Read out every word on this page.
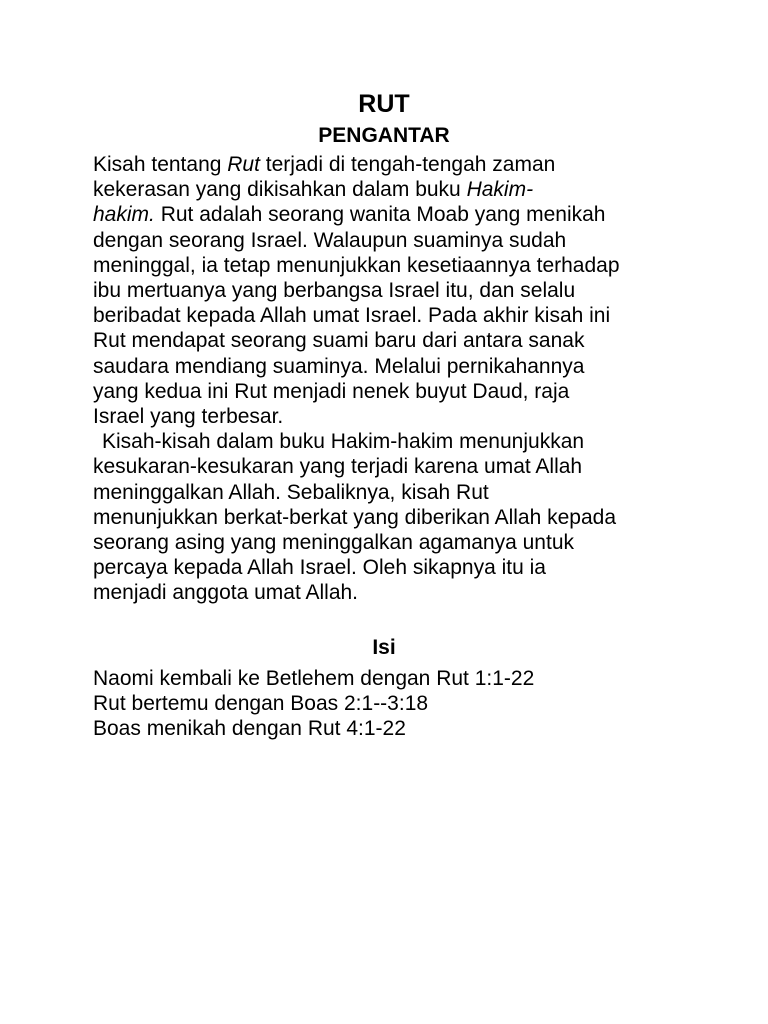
RUT
PENGANTAR
Kisah tentang Rut terjadi di tengah-tengah zaman
kekerasan yang dikisahkan dalam buku Hakim-
hakim. Rut adalah seorang wanita Moab yang menikah
dengan seorang Israel. Walaupun suaminya sudah
meninggal, ia tetap menunjukkan kesetiaannya terhadap
ibu mertuanya yang berbangsa Israel itu, dan selalu
beribadat kepada Allah umat Israel. Pada akhir kisah ini
Rut mendapat seorang suami baru dari antara sanak
saudara mendiang suaminya. Melalui pernikahannya
yang kedua ini Rut menjadi nenek buyut Daud, raja
Israel yang terbesar.
Kisah-kisah dalam buku Hakim-hakim menunjukkan
kesukaran-kesukaran yang terjadi karena umat Allah
meninggalkan Allah. Sebaliknya, kisah Rut
menunjukkan berkat-berkat yang diberikan Allah kepada
seorang asing yang meninggalkan agamanya untuk
percaya kepada Allah Israel. Oleh sikapnya itu ia
menjadi anggota umat Allah.
Isi
Naomi kembali ke Betlehem dengan Rut 1:1-22
Rut bertemu dengan Boas 2:1--3:18
Boas menikah dengan Rut 4:1-22
